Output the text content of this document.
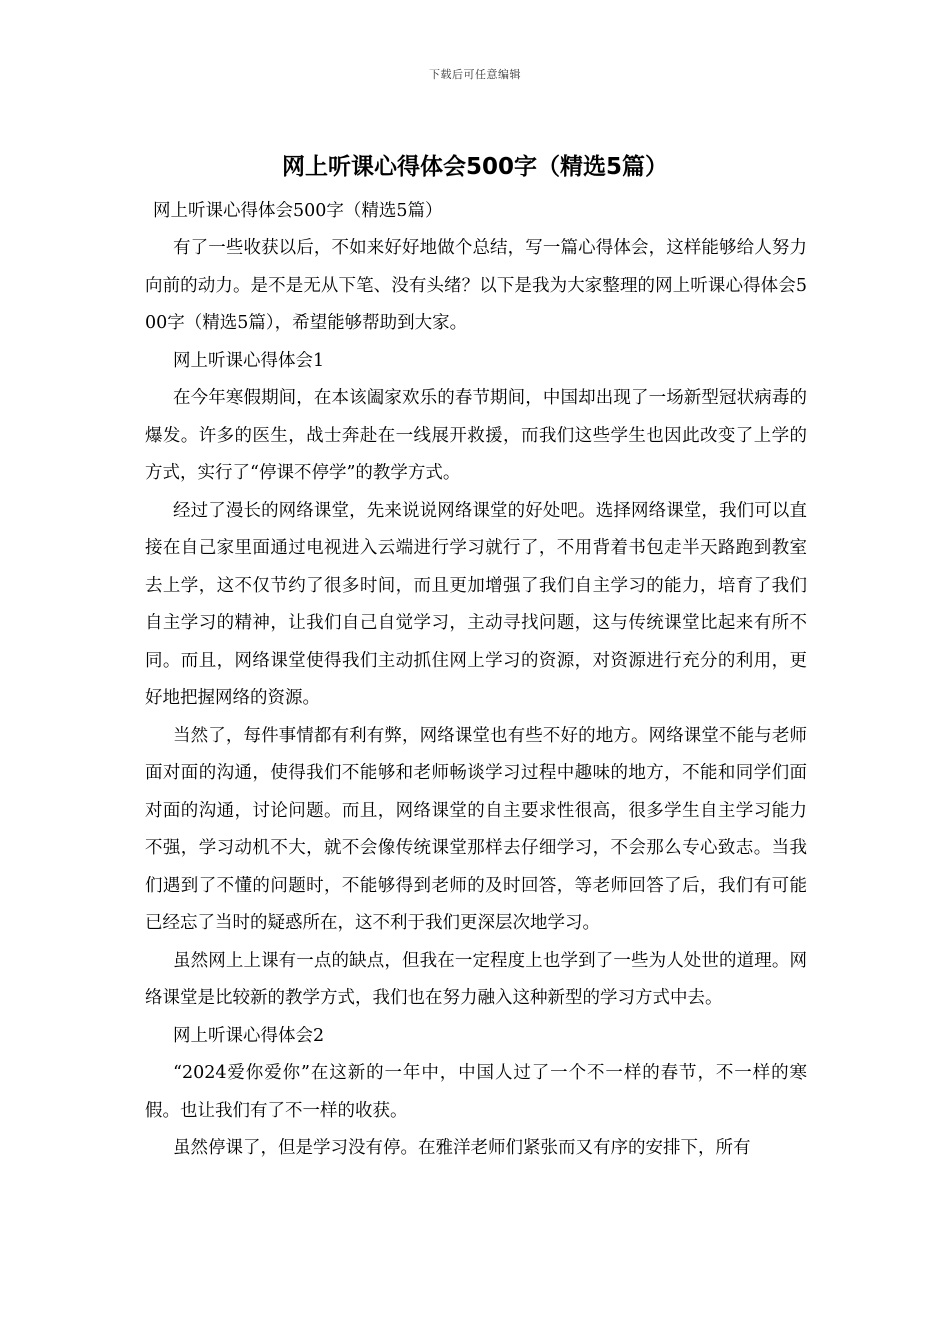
下载后可任意编辑
网上听课心得体会500字（精选5篇）

网上听课心得体会500字（精选5篇）

有了一些收获以后，不如来好好地做个总结，写一篇心得体会，这样能够给人努力向前的动力。是不是无从下笔、没有头绪？以下是我为大家整理的网上听课心得体会500字（精选5篇），希望能够帮助到大家。

网上听课心得体会1

在今年寒假期间，在本该阖家欢乐的春节期间，中国却出现了一场新型冠状病毒的爆发。许多的医生，战士奔赴在一线展开救援，而我们这些学生也因此改变了上学的方式，实行了“停课不停学”的教学方式。

经过了漫长的网络课堂，先来说说网络课堂的好处吧。选择网络课堂，我们可以直接在自己家里面通过电视进入云端进行学习就行了，不用背着书包走半天路跑到教室去上学，这不仅节约了很多时间，而且更加增强了我们自主学习的能力，培育了我们自主学习的精神，让我们自己自觉学习，主动寻找问题，这与传统课堂比起来有所不同。而且，网络课堂使得我们主动抓住网上学习的资源，对资源进行充分的利用，更好地把握网络的资源。

当然了，每件事情都有利有弊，网络课堂也有些不好的地方。网络课堂不能与老师面对面的沟通，使得我们不能够和老师畅谈学习过程中趣味的地方，不能和同学们面对面的沟通，讨论问题。而且，网络课堂的自主要求性很高，很多学生自主学习能力不强，学习动机不大，就不会像传统课堂那样去仔细学习，不会那么专心致志。当我们遇到了不懂的问题时，不能够得到老师的及时回答，等老师回答了后，我们有可能已经忘了当时的疑惑所在，这不利于我们更深层次地学习。

虽然网上上课有一点的缺点，但我在一定程度上也学到了一些为人处世的道理。网络课堂是比较新的教学方式，我们也在努力融入这种新型的学习方式中去。

网上听课心得体会2

“2024爱你爱你”在这新的一年中，中国人过了一个不一样的春节，不一样的寒假。也让我们有了不一样的收获。

虽然停课了，但是学习没有停。在雅洋老师们紧张而又有序的安排下，所有
